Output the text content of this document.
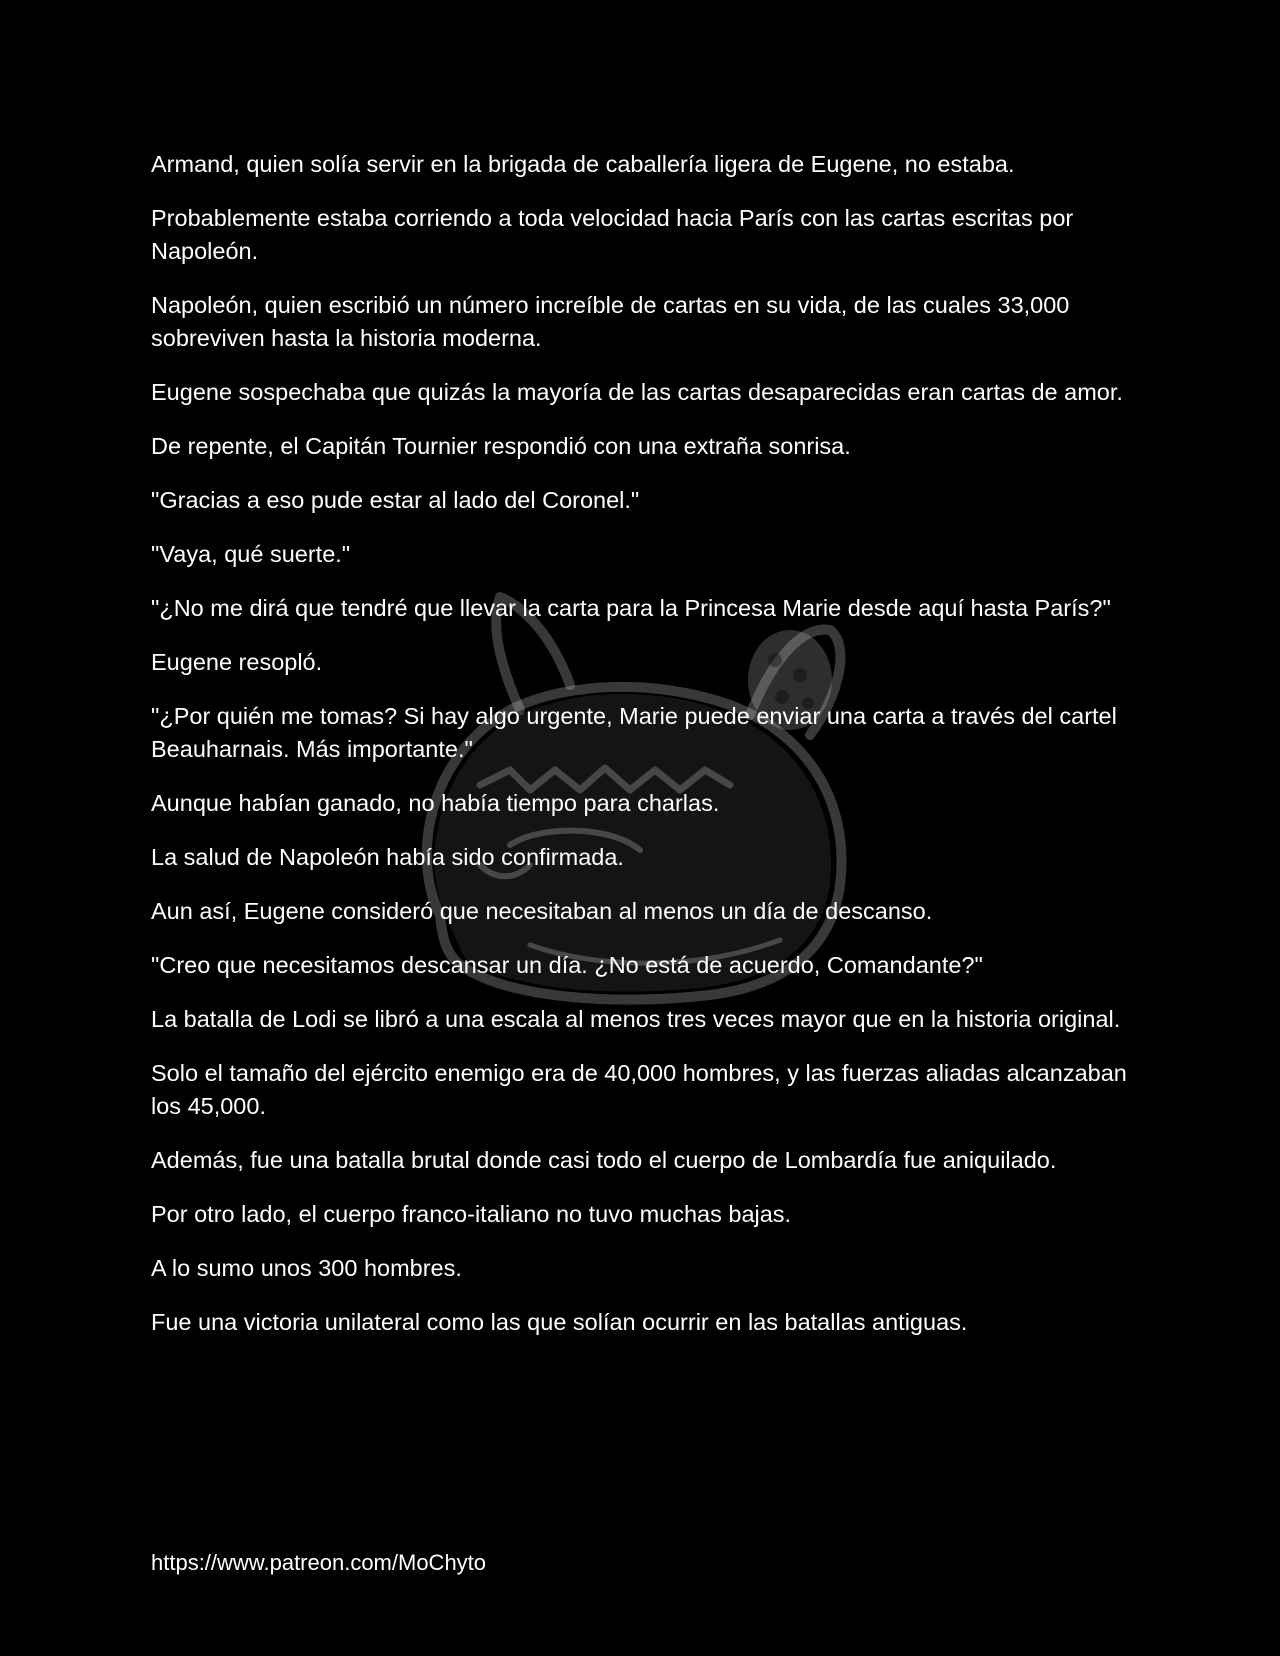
Armand, quien solía servir en la brigada de caballería ligera de Eugene, no estaba.

Probablemente estaba corriendo a toda velocidad hacia París con las cartas escritas por Napoleón.

Napoleón, quien escribió un número increíble de cartas en su vida, de las cuales 33,000 sobreviven hasta la historia moderna.

Eugene sospechaba que quizás la mayoría de las cartas desaparecidas eran cartas de amor.

De repente, el Capitán Tournier respondió con una extraña sonrisa.

"Gracias a eso pude estar al lado del Coronel."

"Vaya, qué suerte."

"¿No me dirá que tendré que llevar la carta para la Princesa Marie desde aquí hasta París?"

Eugene resopló.

"¿Por quién me tomas? Si hay algo urgente, Marie puede enviar una carta a través del cartel Beauharnais. Más importante."

Aunque habían ganado, no había tiempo para charlas.

La salud de Napoleón había sido confirmada.

Aun así, Eugene consideró que necesitaban al menos un día de descanso.

"Creo que necesitamos descansar un día. ¿No está de acuerdo, Comandante?"

La batalla de Lodi se libró a una escala al menos tres veces mayor que en la historia original.

Solo el tamaño del ejército enemigo era de 40,000 hombres, y las fuerzas aliadas alcanzaban los 45,000.

Además, fue una batalla brutal donde casi todo el cuerpo de Lombardía fue aniquilado.

Por otro lado, el cuerpo franco-italiano no tuvo muchas bajas.

A lo sumo unos 300 hombres.

Fue una victoria unilateral como las que solían ocurrir en las batallas antiguas.

https://www.patreon.com/MoChyto
